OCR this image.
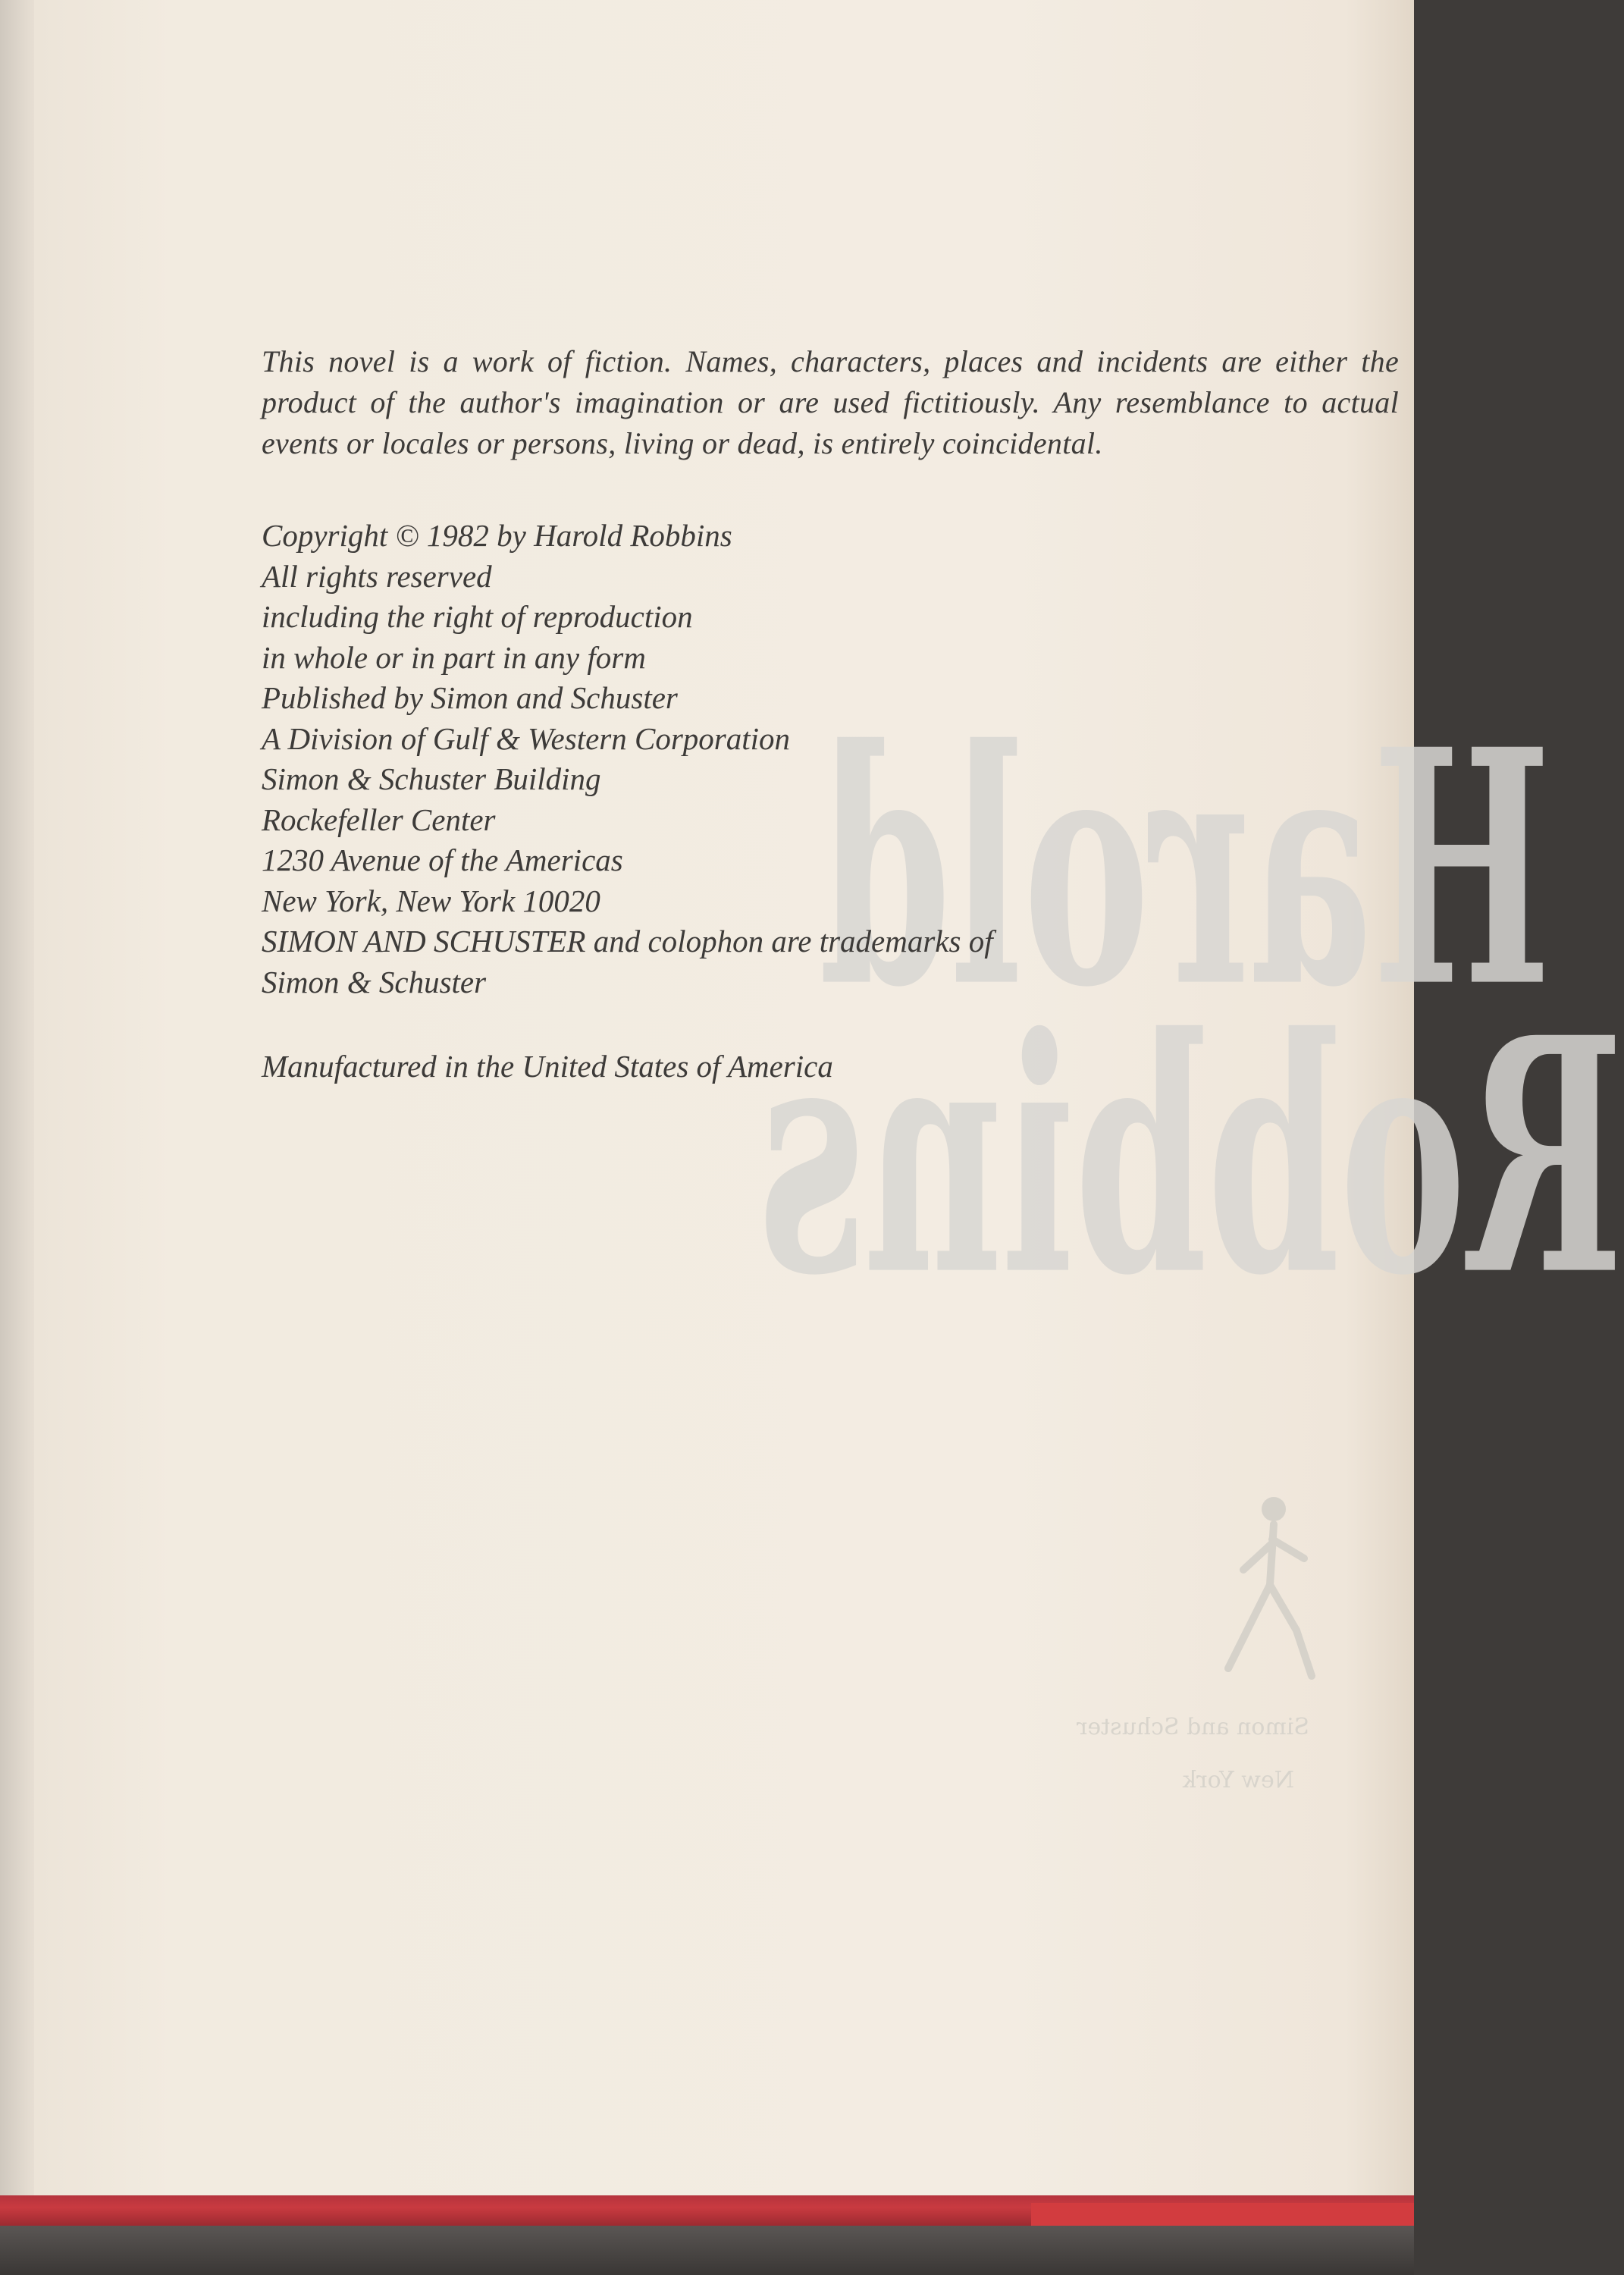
Harold
Robbins
Simon and Schuster
New York

This novel is a work of fiction. Names, characters, places and incidents are either the product of the author's imagination or are used fictitiously. Any resemblance to actual events or locales or persons, living or dead, is entirely coincidental.

Copyright © 1982 by Harold Robbins
All rights reserved
including the right of reproduction
in whole or in part in any form
Published by Simon and Schuster
A Division of Gulf & Western Corporation
Simon & Schuster Building
Rockefeller Center
1230 Avenue of the Americas
New York, New York 10020
SIMON AND SCHUSTER and colophon are trademarks of
Simon & Schuster
Manufactured in the United States of America
